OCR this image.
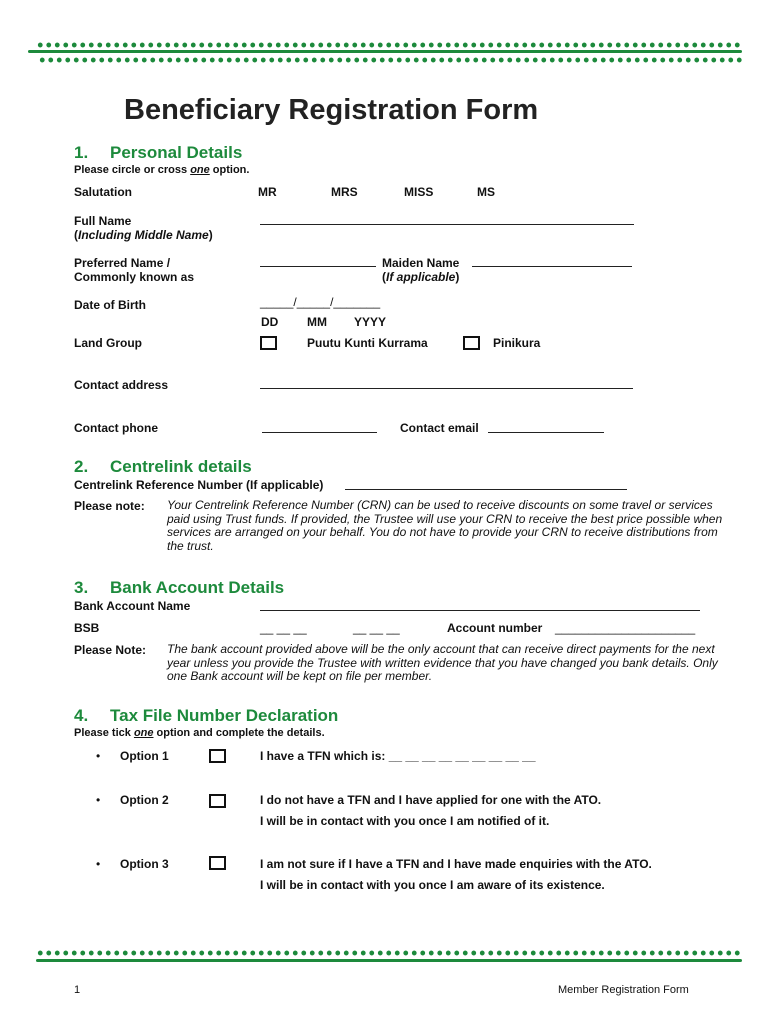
Beneficiary Registration Form
1. Personal Details
Please circle or cross one option.
Salutation	MR	MRS	MISS	MS
Full Name
(Including Middle Name)
Preferred Name /
Commonly known as
Maiden Name
(If applicable)
Date of Birth	_____/_____/_______
DD MM YYYY
Land Group	Puutu Kunti Kurrama	Pinikura
Contact address
Contact phone	Contact email
2. Centrelink details
Centrelink Reference Number (If applicable)
Please note: Your Centrelink Reference Number (CRN) can be used to receive discounts on some travel or services paid using Trust funds. If provided, the Trustee will use your CRN to receive the best price possible when services are arranged on your behalf. You do not have to provide your CRN to receive distributions from the trust.
3. Bank Account Details
Bank Account Name
BSB	__ __ __	__ __ __	Account number _____________________
Please Note: The bank account provided above will be the only account that can receive direct payments for the next year unless you provide the Trustee with written evidence that you have changed you bank details. Only one Bank account will be kept on file per member.
4. Tax File Number Declaration
Please tick one option and complete the details.
• Option 1	I have a TFN which is: __ __ __ __ __ __ __ __ __
• Option 2	I do not have a TFN and I have applied for one with the ATO.
I will be in contact with you once I am notified of it.
• Option 3	I am not sure if I have a TFN and I have made enquiries with the ATO.
I will be in contact with you once I am aware of its existence.
1	Member Registration Form
